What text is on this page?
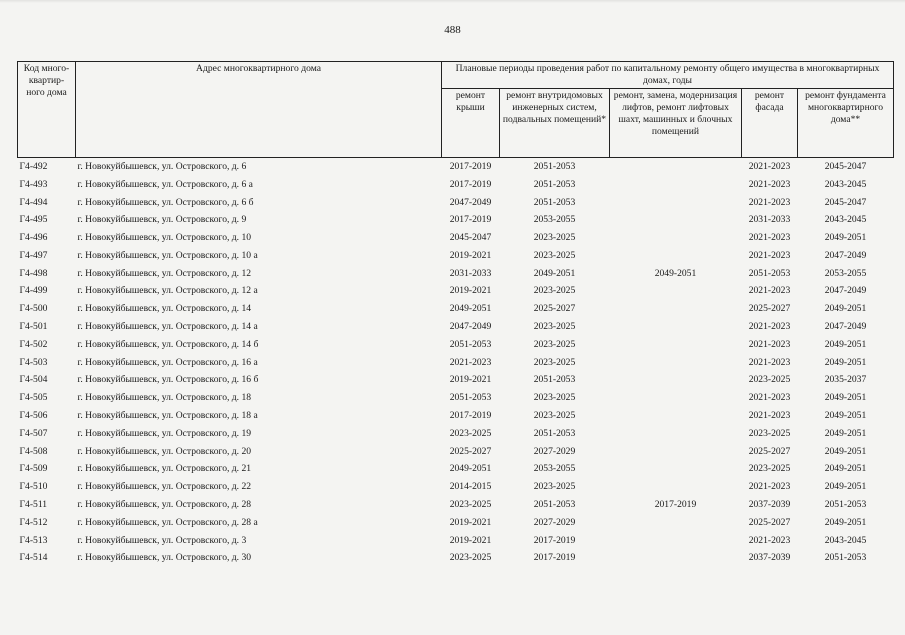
488
Код много-квартир-ного дома	Адрес многоквартирного дома	Плановые периоды проведения работ по капитальному ремонту общего имущества в многоквартирных домах, годы				
		ремонт крыши	ремонт внутридомовых инженерных систем, подвальных помещений*	ремонт, замена, модернизация лифтов, ремонт лифтовых шахт, машинных и блочных помещений	ремонт фасада	ремонт фундамента многоквартирного дома**
Г4-492	г. Новокуйбышевск, ул. Островского, д. 6	2017-2019	2051-2053		2021-2023	2045-2047
Г4-493	г. Новокуйбышевск, ул. Островского, д. 6 а	2017-2019	2051-2053		2021-2023	2043-2045
Г4-494	г. Новокуйбышевск, ул. Островского, д. 6 б	2047-2049	2051-2053		2021-2023	2045-2047
Г4-495	г. Новокуйбышевск, ул. Островского, д. 9	2017-2019	2053-2055		2031-2033	2043-2045
Г4-496	г. Новокуйбышевск, ул. Островского, д. 10	2045-2047	2023-2025		2021-2023	2049-2051
Г4-497	г. Новокуйбышевск, ул. Островского, д. 10 а	2019-2021	2023-2025		2021-2023	2047-2049
Г4-498	г. Новокуйбышевск, ул. Островского, д. 12	2031-2033	2049-2051	2049-2051	2051-2053	2053-2055
Г4-499	г. Новокуйбышевск, ул. Островского, д. 12 а	2019-2021	2023-2025		2021-2023	2047-2049
Г4-500	г. Новокуйбышевск, ул. Островского, д. 14	2049-2051	2025-2027		2025-2027	2049-2051
Г4-501	г. Новокуйбышевск, ул. Островского, д. 14 а	2047-2049	2023-2025		2021-2023	2047-2049
Г4-502	г. Новокуйбышевск, ул. Островского, д. 14 б	2051-2053	2023-2025		2021-2023	2049-2051
Г4-503	г. Новокуйбышевск, ул. Островского, д. 16 а	2021-2023	2023-2025		2021-2023	2049-2051
Г4-504	г. Новокуйбышевск, ул. Островского, д. 16 б	2019-2021	2051-2053		2023-2025	2035-2037
Г4-505	г. Новокуйбышевск, ул. Островского, д. 18	2051-2053	2023-2025		2021-2023	2049-2051
Г4-506	г. Новокуйбышевск, ул. Островского, д. 18 а	2017-2019	2023-2025		2021-2023	2049-2051
Г4-507	г. Новокуйбышевск, ул. Островского, д. 19	2023-2025	2051-2053		2023-2025	2049-2051
Г4-508	г. Новокуйбышевск, ул. Островского, д. 20	2025-2027	2027-2029		2025-2027	2049-2051
Г4-509	г. Новокуйбышевск, ул. Островского, д. 21	2049-2051	2053-2055		2023-2025	2049-2051
Г4-510	г. Новокуйбышевск, ул. Островского, д. 22	2014-2015	2023-2025		2021-2023	2049-2051
Г4-511	г. Новокуйбышевск, ул. Островского, д. 28	2023-2025	2051-2053	2017-2019	2037-2039	2051-2053
Г4-512	г. Новокуйбышевск, ул. Островского, д. 28 а	2019-2021	2027-2029		2025-2027	2049-2051
Г4-513	г. Новокуйбышевск, ул. Островского, д. 3	2019-2021	2017-2019		2021-2023	2043-2045
Г4-514	г. Новокуйбышевск, ул. Островского, д. 30	2023-2025	2017-2019		2037-2039	2051-2053
